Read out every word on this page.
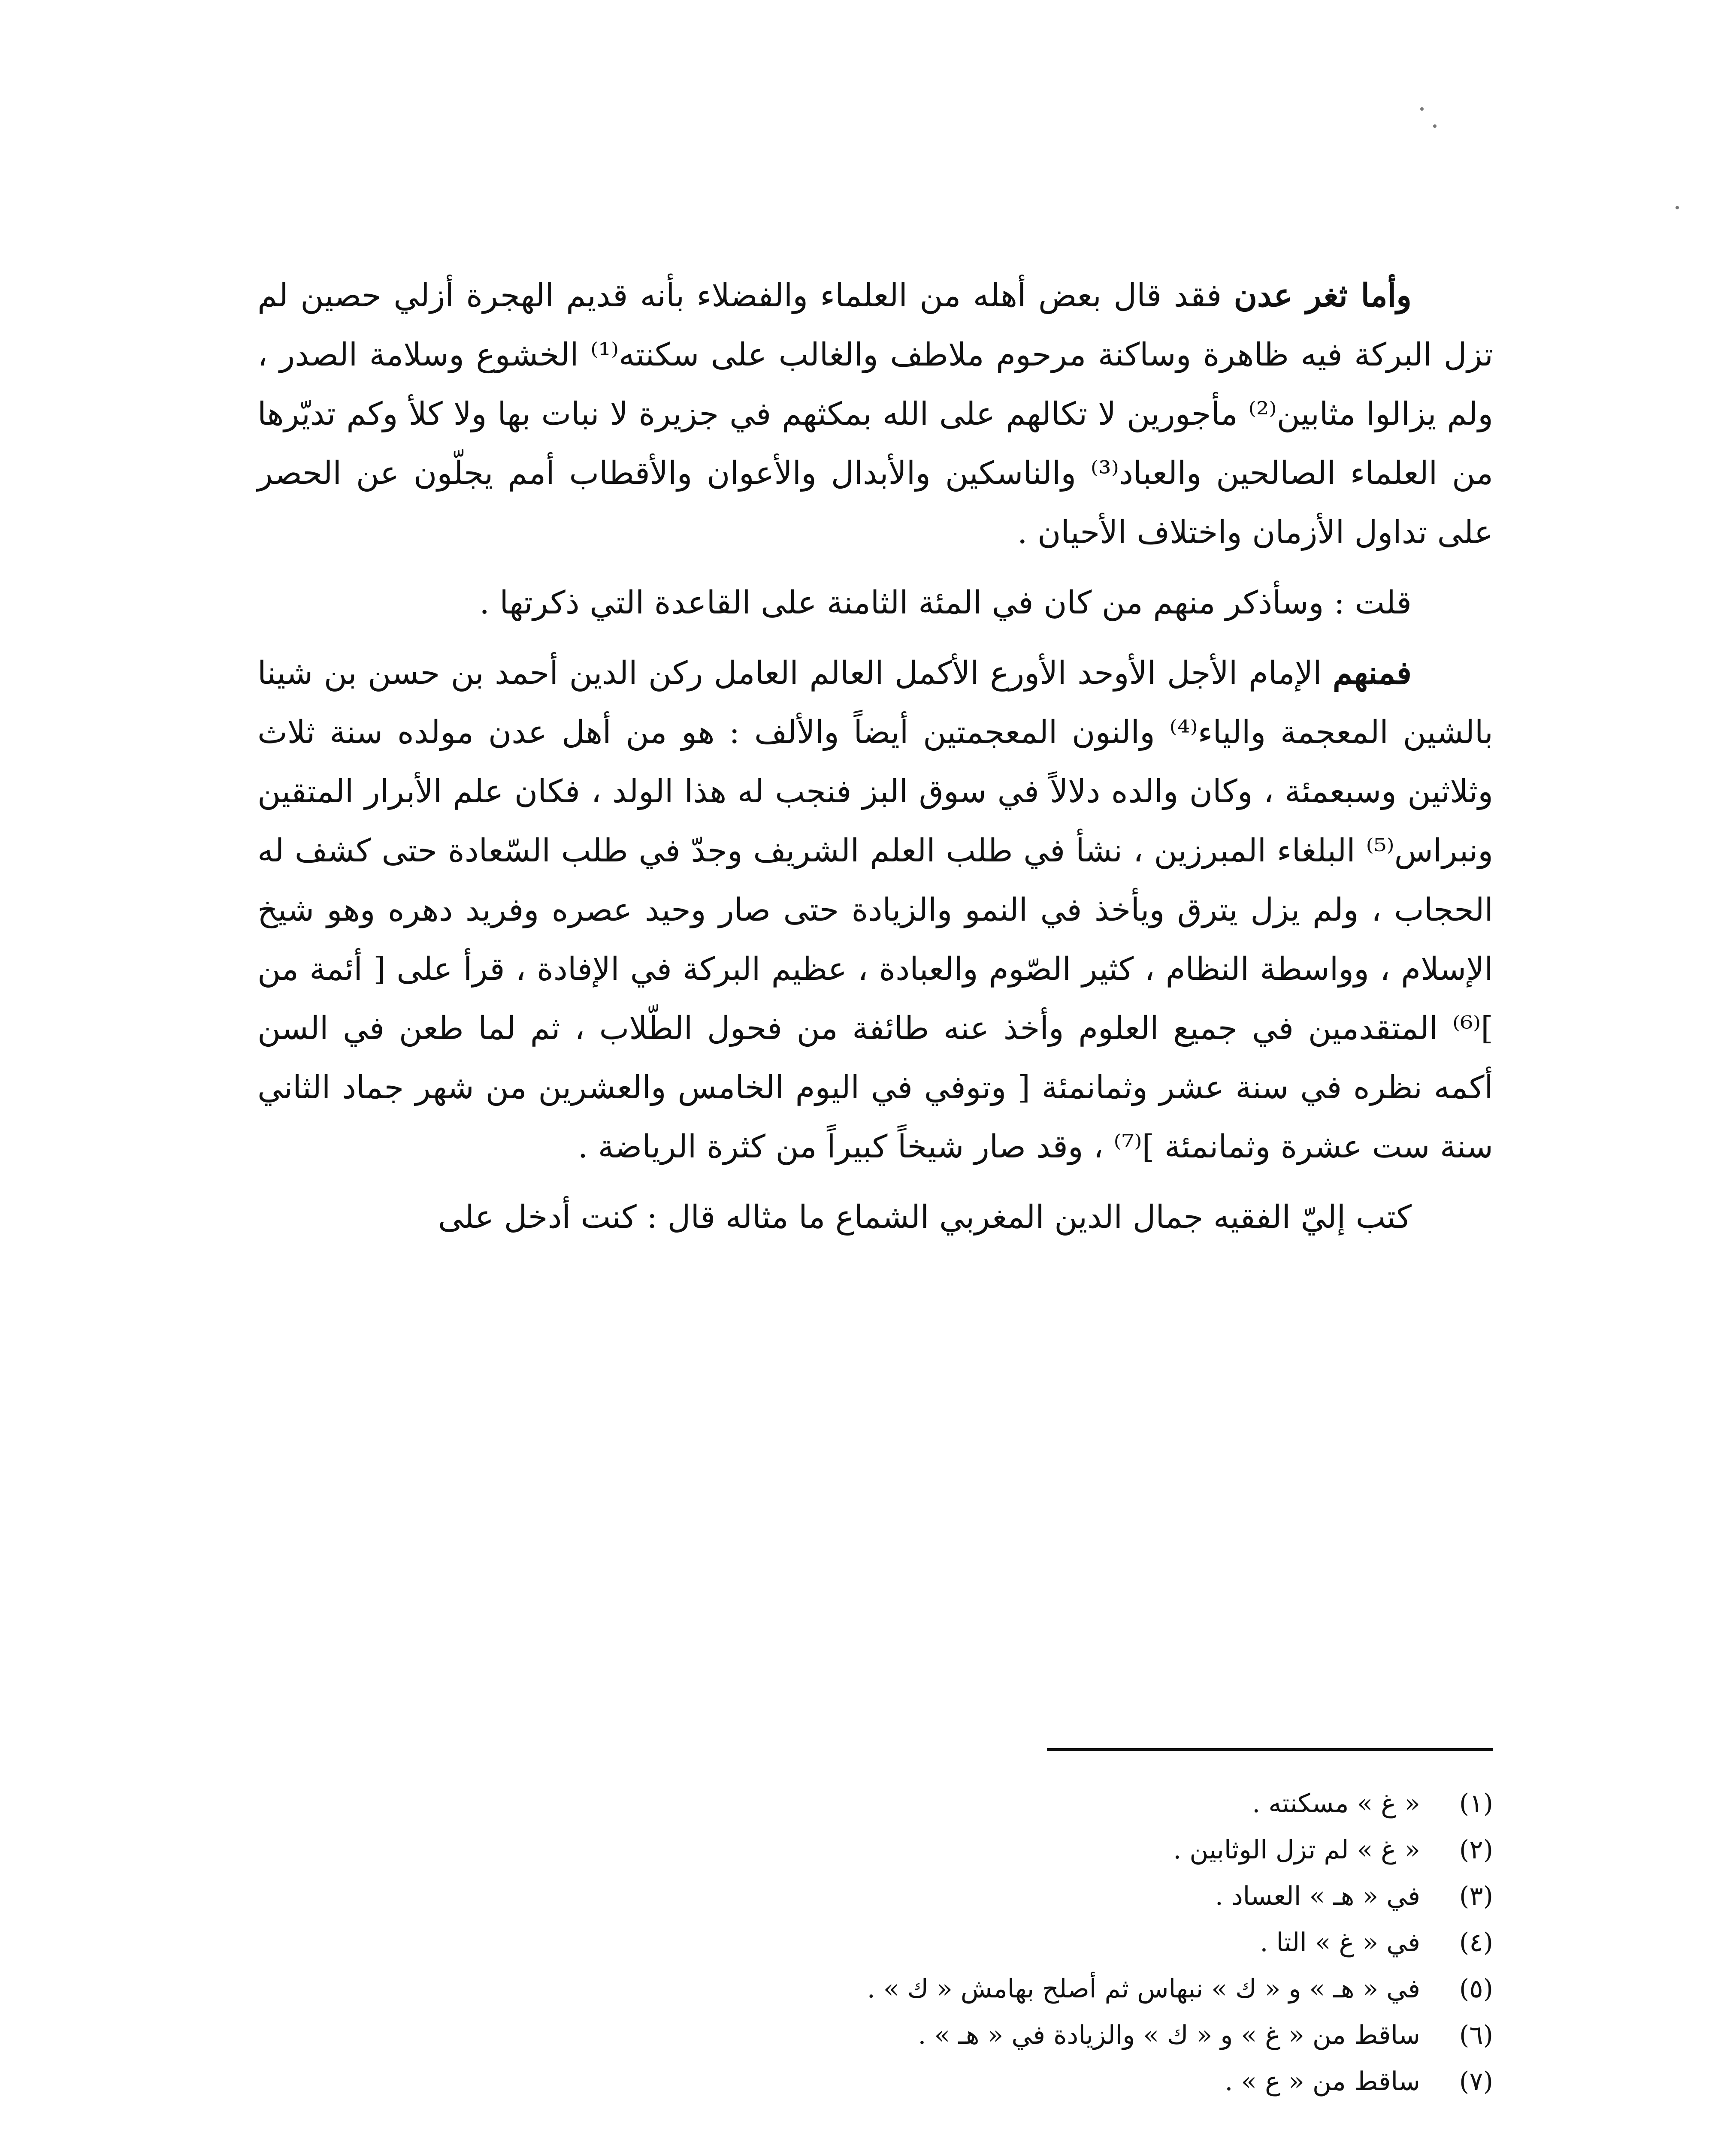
وأما ثغر عدن فقد قال بعض أهله من العلماء والفضلاء بأنه قديم الهجرة أزلي حصين لم تزل البركة فيه ظاهرة وساكنة مرحوم ملاطف والغالب على سكنته⁽¹⁾ الخشوع وسلامة الصدر ، ولم يزالوا مثابين⁽²⁾ مأجورين لا تكالهم على الله بمكثهم في جزيرة لا نبات بها ولا كلأ وكم تديّرها من العلماء الصالحين والعباد⁽³⁾ والناسكين والأبدال والأعوان والأقطاب أمم يجلّون عن الحصر على تداول الأزمان واختلاف الأحيان .

قلت : وسأذكر منهم من كان في المئة الثامنة على القاعدة التي ذكرتها .

فمنهم الإمام الأجل الأوحد الأورع الأكمل العالم العامل ركن الدين أحمد بن حسن بن شينا بالشين المعجمة والياء⁽⁴⁾ والنون المعجمتين أيضاً والألف : هو من أهل عدن مولده سنة ثلاث وثلاثين وسبعمئة ، وكان والده دلالاً في سوق البز فنجب له هذا الولد ، فكان علم الأبرار المتقين ونبراس⁽⁵⁾ البلغاء المبرزين ، نشأ في طلب العلم الشريف وجدّ في طلب السّعادة حتى كشف له الحجاب ، ولم يزل يترق ويأخذ في النمو والزيادة حتى صار وحيد عصره وفريد دهره وهو شيخ الإسلام ، وواسطة النظام ، كثير الصّوم والعبادة ، عظيم البركة في الإفادة ، قرأ على [ أئمة من ]⁽⁶⁾ المتقدمين في جميع العلوم وأخذ عنه طائفة من فحول الطّلاب ، ثم لما طعن في السن أكمه نظره في سنة عشر وثمانمئة [ وتوفي في اليوم الخامس والعشرين من شهر جماد الثاني سنة ست عشرة وثمانمئة ]⁽⁷⁾ ، وقد صار شيخاً كبيراً من كثرة الرياضة .

كتب إليّ الفقيه جمال الدين المغربي الشماع ما مثاله قال : كنت أدخل على

(١)
« غ » مسكنته .
(٢)
« غ » لم تزل الوثابين .
(٣)
في « هـ » العساد .
(٤)
في « غ » التا .
(٥)
في « هـ » و « ك » نبهاس ثم أصلح بهامش « ك » .
(٦)
ساقط من « غ » و « ك » والزيادة في « هـ » .
(٧)
ساقط من « ع » .
